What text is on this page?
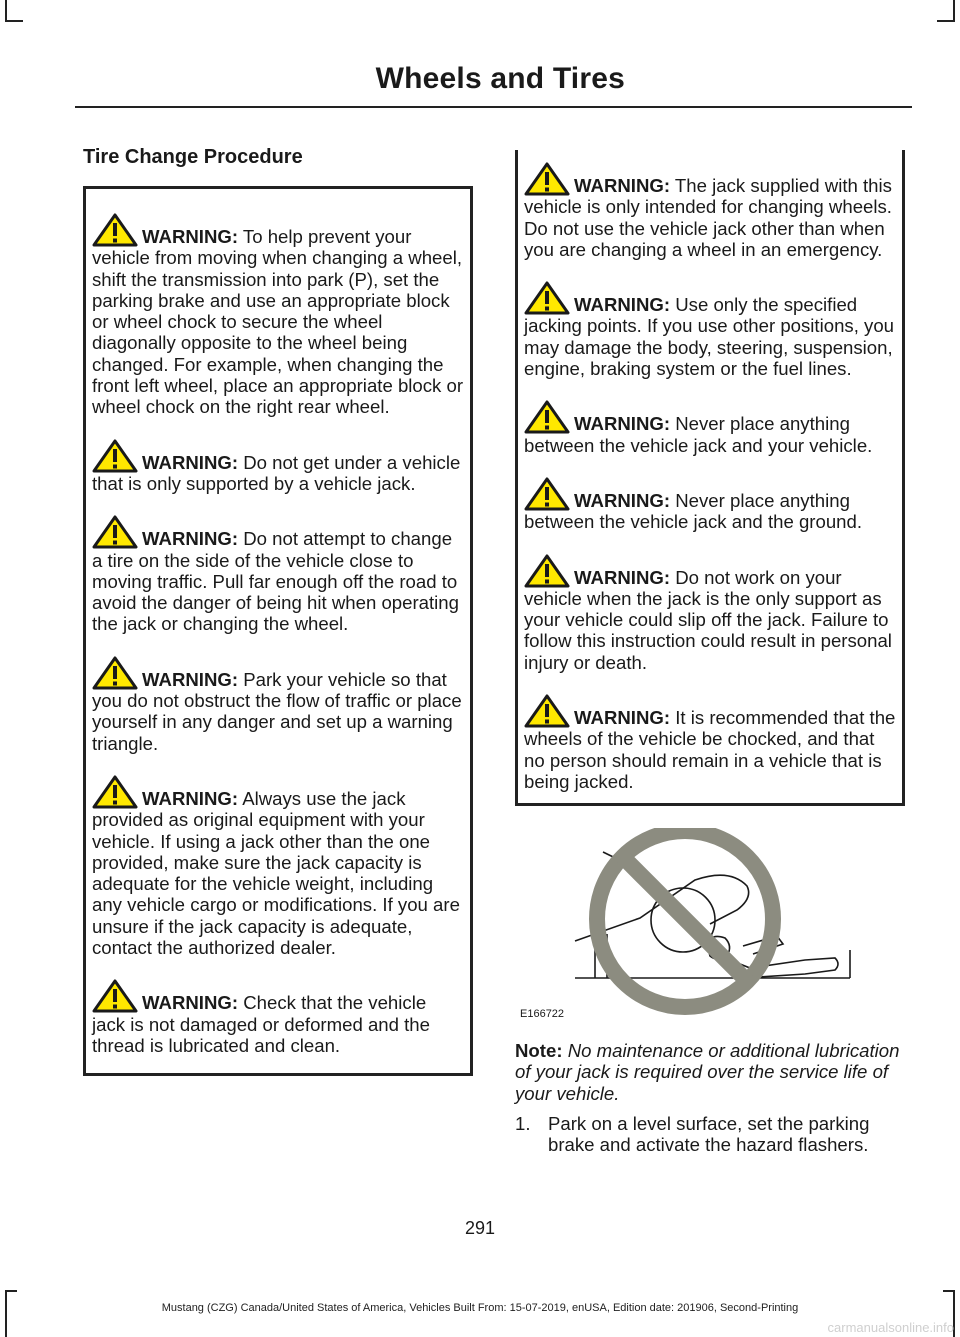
Wheels and Tires
Tire Change Procedure
WARNING: To help prevent your vehicle from moving when changing a wheel, shift the transmission into park (P), set the parking brake and use an appropriate block or wheel chock to secure the wheel diagonally opposite to the wheel being changed. For example, when changing the front left wheel, place an appropriate block or wheel chock on the right rear wheel.
WARNING: Do not get under a vehicle that is only supported by a vehicle jack.
WARNING: Do not attempt to change a tire on the side of the vehicle close to moving traffic. Pull far enough off the road to avoid the danger of being hit when operating the jack or changing the wheel.
WARNING: Park your vehicle so that you do not obstruct the flow of traffic or place yourself in any danger and set up a warning triangle.
WARNING: Always use the jack provided as original equipment with your vehicle. If using a jack other than the one provided, make sure the jack capacity is adequate for the vehicle weight, including any vehicle cargo or modifications. If you are unsure if the jack capacity is adequate, contact the authorized dealer.
WARNING: Check that the vehicle jack is not damaged or deformed and the thread is lubricated and clean.
WARNING: The jack supplied with this vehicle is only intended for changing wheels. Do not use the vehicle jack other than when you are changing a wheel in an emergency.
WARNING: Use only the specified jacking points. If you use other positions, you may damage the body, steering, suspension, engine, braking system or the fuel lines.
WARNING: Never place anything between the vehicle jack and your vehicle.
WARNING: Never place anything between the vehicle jack and the ground.
WARNING: Do not work on your vehicle when the jack is the only support as your vehicle could slip off the jack. Failure to follow this instruction could result in personal injury or death.
WARNING: It is recommended that the wheels of the vehicle be chocked, and that no person should remain in a vehicle that is being jacked.
E166722
Note: No maintenance or additional lubrication of your jack is required over the service life of your vehicle.
1. Park on a level surface, set the parking brake and activate the hazard flashers.
291
Mustang (CZG) Canada/United States of America, Vehicles Built From: 15-07-2019, enUSA, Edition date: 201906, Second-Printing
carmanualsonline.info
